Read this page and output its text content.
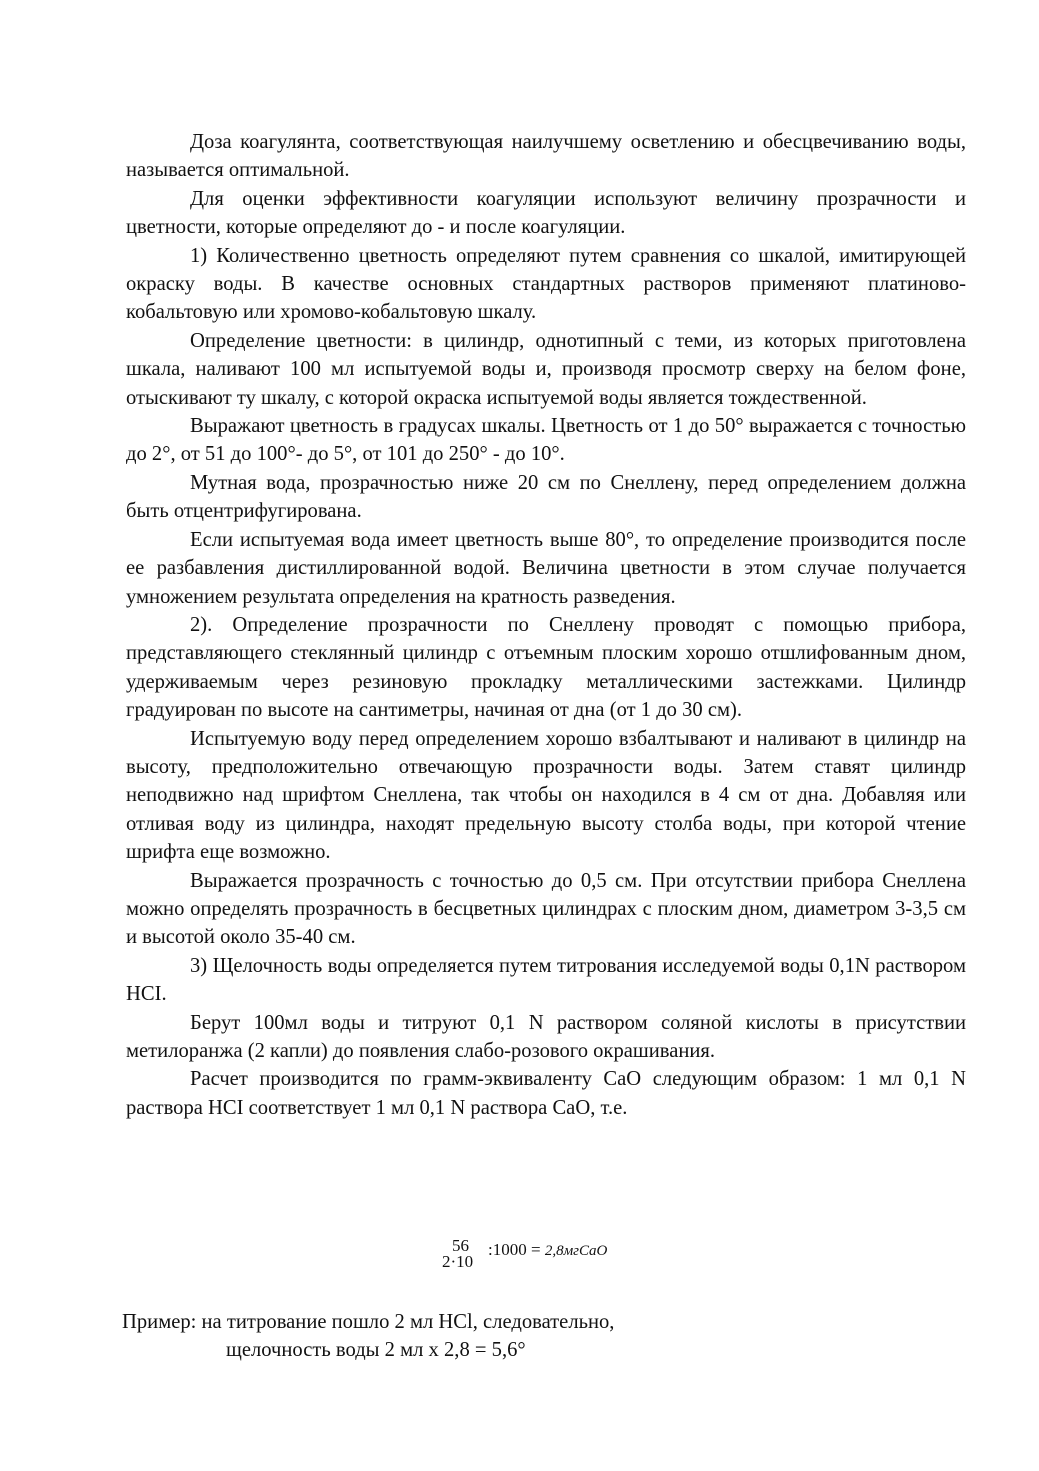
Доза коагулянта, соответствующая наилучшему осветлению и обесцвечиванию воды, называется оптимальной.

Для оценки эффективности коагуляции используют величину прозрачности и цветности, которые определяют до - и после коагуляции.

1) Количественно цветность определяют путем сравнения со шкалой, имитирующей окраску воды. В качестве основных стандартных растворов применяют платиново-кобальтовую или хромово-кобальтовую шкалу.

Определение цветности: в цилиндр, однотипный с теми, из которых приготовлена шкала, наливают 100 мл испытуемой воды и, производя просмотр сверху на белом фоне, отыскивают ту шкалу, с которой окраска испытуемой воды является тождественной.

Выражают цветность в градусах шкалы. Цветность от 1 до 50° выражается с точностью до 2°, от 51 до 100°- до 5°, от 101 до 250° - до 10°.

Мутная вода, прозрачностью ниже 20 см по Снеллену, перед определением должна быть отцентрифугирована.

Если испытуемая вода имеет цветность выше 80°, то определение производится после ее разбавления дистиллированной водой. Величина цветности в этом случае получается умножением результата определения на кратность разведения.

2). Определение прозрачности по Снеллену проводят с помощью прибора, представляющего стеклянный цилиндр с отъемным плоским хорошо отшлифованным дном, удерживаемым через резиновую прокладку металлическими застежками. Цилиндр градуирован по высоте на сантиметры, начиная от дна (от 1 до 30 см).

Испытуемую воду перед определением хорошо взбалтывают и наливают в цилиндр на высоту, предположительно отвечающую прозрачности воды. Затем ставят цилиндр неподвижно над шрифтом Снеллена, так чтобы он находился в 4 см от дна. Добавляя или отливая воду из цилиндра, находят предельную высоту столба воды, при которой чтение шрифта еще возможно.

Выражается прозрачность с точностью до 0,5 см. При отсутствии прибора Снеллена можно определять прозрачность в бесцветных цилиндрах с плоским дном, диаметром 3-3,5 см и высотой около 35-40 см.

3) Щелочность воды определяется путем титрования исследуемой воды 0,1N раствором HCI.

Берут 100мл воды и титруют 0,1 N раствором соляной кислоты в присутствии метилоранжа (2 капли) до появления слабо-розового окрашивания.

Расчет производится по грамм-эквиваленту CaO следующим образом: 1 мл 0,1 N раствора HCI соответствует 1 мл 0,1 N раствора CaO, т.е.

56
2·10
:1000 = 2,8мгCaO
Пример: на титрование пошло 2 мл HCl, следовательно,
щелочность воды 2 мл х 2,8 = 5,6°
